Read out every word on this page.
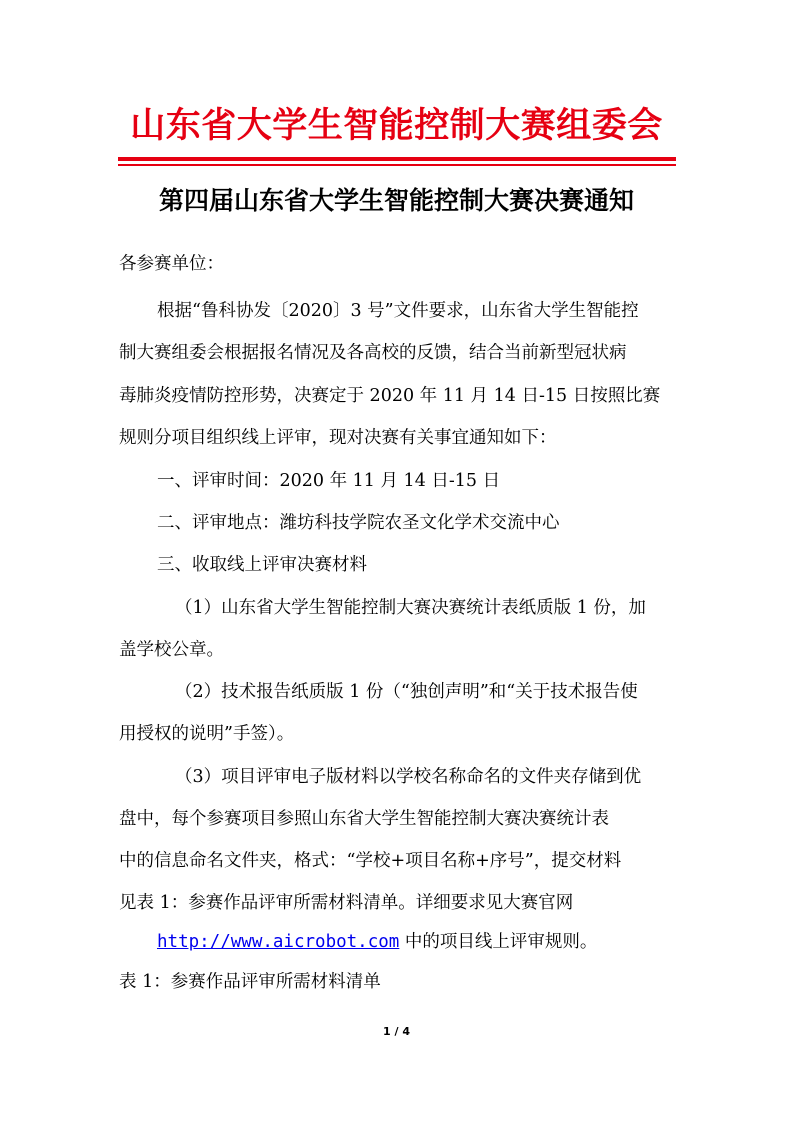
山东省大学生智能控制大赛组委会
第四届山东省大学生智能控制大赛决赛通知
各参赛单位：
根据“鲁科协发〔2020〕3 号”文件要求，山东省大学生智能控
制大赛组委会根据报名情况及各高校的反馈，结合当前新型冠状病
毒肺炎疫情防控形势，决赛定于 2020 年 11 月 14 日-15 日按照比赛
规则分项目组织线上评审，现对决赛有关事宜通知如下：
一、评审时间：2020 年 11 月 14 日-15 日
二、评审地点：潍坊科技学院农圣文化学术交流中心
三、收取线上评审决赛材料
（1）山东省大学生智能控制大赛决赛统计表纸质版 1 份，加
盖学校公章。
（2）技术报告纸质版 1 份（“独创声明”和“关于技术报告使
用授权的说明”手签）。
（3）项目评审电子版材料以学校名称命名的文件夹存储到优
盘中，每个参赛项目参照山东省大学生智能控制大赛决赛统计表
中的信息命名文件夹，格式：“学校+项目名称+序号”，提交材料
见表 1：参赛作品评审所需材料清单。详细要求见大赛官网
http://www.aicrobot.com 中的项目线上评审规则。
表 1：参赛作品评审所需材料清单
1 / 4
